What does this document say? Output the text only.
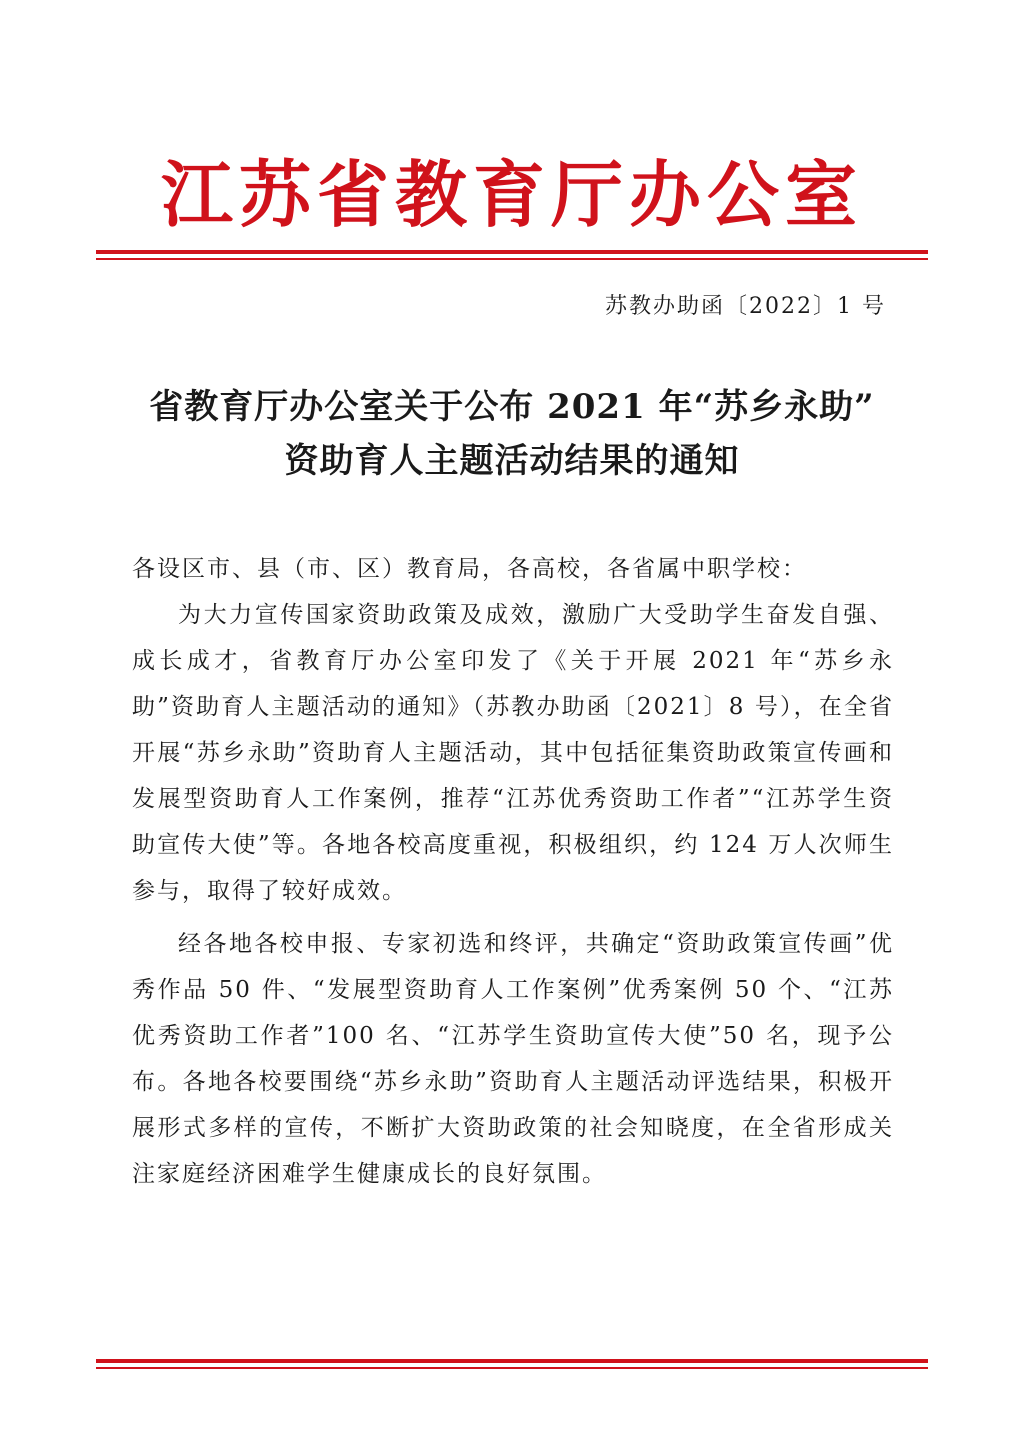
江苏省教育厅办公室
苏教办助函〔2022〕1 号
省教育厅办公室关于公布 2021 年“苏乡永助”
资助育人主题活动结果的通知

各设区市、县（市、区）教育局，各高校，各省属中职学校：

为大力宣传国家资助政策及成效，激励广大受助学生奋发自强、成长成才，省教育厅办公室印发了《关于开展 2021 年“苏乡永助”资助育人主题活动的通知》（苏教办助函〔2021〕8 号），在全省开展“苏乡永助”资助育人主题活动，其中包括征集资助政策宣传画和发展型资助育人工作案例，推荐“江苏优秀资助工作者”“江苏学生资助宣传大使”等。各地各校高度重视，积极组织，约 124 万人次师生参与，取得了较好成效。

经各地各校申报、专家初选和终评，共确定“资助政策宣传画”优秀作品 50 件、“发展型资助育人工作案例”优秀案例 50 个、“江苏优秀资助工作者”100 名、“江苏学生资助宣传大使”50 名，现予公布。各地各校要围绕“苏乡永助”资助育人主题活动评选结果，积极开展形式多样的宣传，不断扩大资助政策的社会知晓度，在全省形成关注家庭经济困难学生健康成长的良好氛围。
